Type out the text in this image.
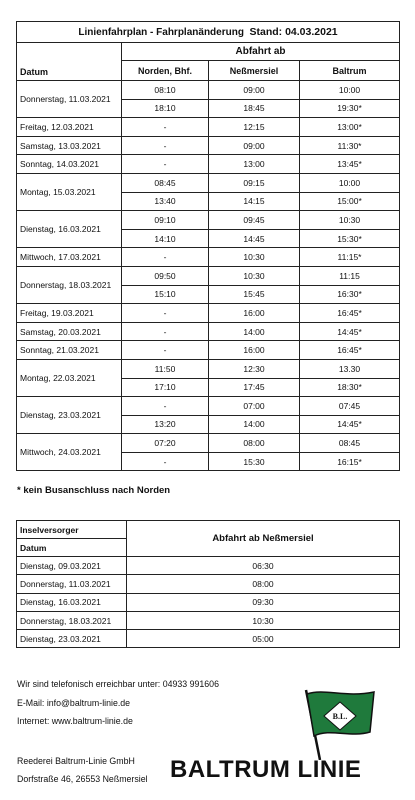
Linienfahrplan - Fahrplanänderung Stand: 04.03.2021			
Datum	Abfahrt ab		
	Norden, Bhf.	Neßmersiel	Baltrum
Donnerstag, 11.03.2021	08:10	09:00	10:00
	18:10	18:45	19:30*
Freitag, 12.03.2021	-	12:15	13:00*
Samstag, 13.03.2021	-	09:00	11:30*
Sonntag, 14.03.2021	-	13:00	13:45*
Montag, 15.03.2021	08:45	09:15	10:00
	13:40	14:15	15:00*
Dienstag, 16.03.2021	09:10	09:45	10:30
	14:10	14:45	15:30*
Mittwoch, 17.03.2021	-	10:30	11:15*
Donnerstag, 18.03.2021	09:50	10:30	11:15
	15:10	15:45	16:30*
Freitag, 19.03.2021	-	16:00	16:45*
Samstag, 20.03.2021	-	14:00	14:45*
Sonntag, 21.03.2021	-	16:00	16:45*
Montag, 22.03.2021	11:50	12:30	13.30
	17:10	17:45	18:30*
Dienstag, 23.03.2021	-	07:00	07:45
	13:20	14:00	14:45*
Mittwoch, 24.03.2021	07:20	08:00	08:45
	-	15:30	16:15*
* kein Busanschluss nach Norden
Inselversorger	Abfahrt ab Neßmersiel
Datum	
Dienstag, 09.03.2021	06:30
Donnerstag, 11.03.2021	08:00
Dienstag, 16.03.2021	09:30
Donnerstag, 18.03.2021	10:30
Dienstag, 23.03.2021	05:00
Wir sind telefonisch erreichbar unter: 04933 991606
E-Mail: info@baltrum-linie.de
Internet: www.baltrum-linie.de
Reederei Baltrum-Linie GmbH
Dorfstraße 46, 26553 Neßmersiel
B.L.
BALTRUM LINIE
